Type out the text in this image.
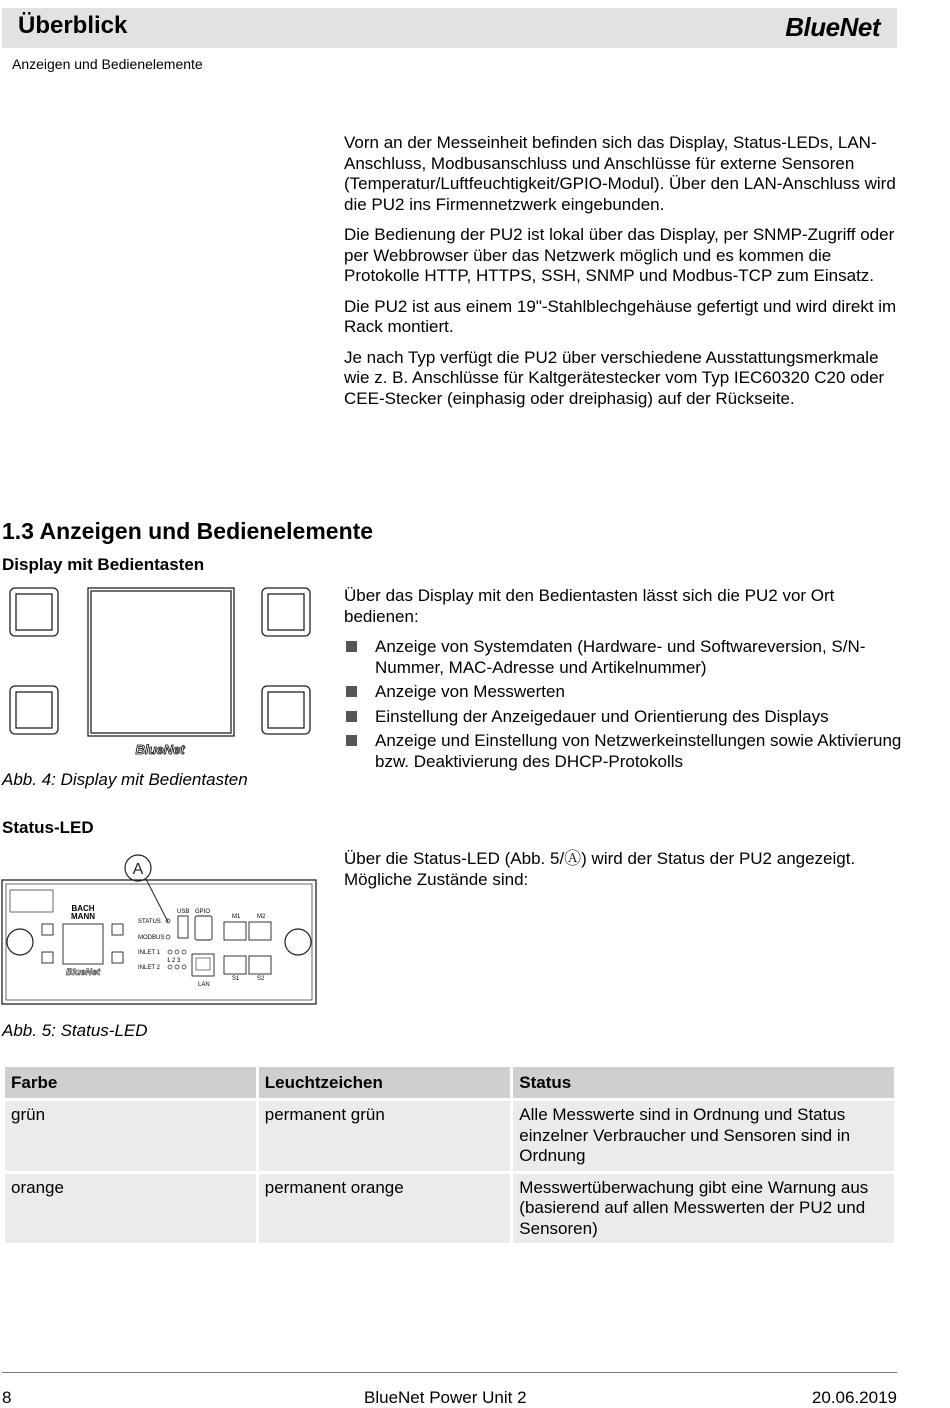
Überblick	BlueNet
Anzeigen und Bedienelemente

Vorn an der Messeinheit befinden sich das Display, Status-LEDs, LAN-Anschluss, Modbusanschluss und Anschlüsse für externe Sensoren (Temperatur/Luftfeuchtigkeit/GPIO-Modul). Über den LAN-Anschluss wird die PU2 ins Firmennetzwerk eingebunden.

Die Bedienung der PU2 ist lokal über das Display, per SNMP-Zugriff oder per Webbrowser über das Netzwerk möglich und es kommen die Protokolle HTTP, HTTPS, SSH, SNMP und Modbus-TCP zum Einsatz.

Die PU2 ist aus einem 19"-Stahlblechgehäuse gefertigt und wird direkt im Rack montiert.

Je nach Typ verfügt die PU2 über verschiedene Ausstattungsmerkmale wie z. B. Anschlüsse für Kaltgerätestecker vom Typ IEC60320 C20 oder CEE-Stecker (einphasig oder dreiphasig) auf der Rückseite.

1.3 Anzeigen und Bedienelemente
Display mit Bedientasten
BlueNet
Abb. 4: Display mit Bedientasten

Über das Display mit den Bedientasten lässt sich die PU2 vor Ort bedienen:

Anzeige von Systemdaten (Hardware- und Softwareversion, S/N-Nummer, MAC-Adresse und Artikelnummer)
Anzeige von Messwerten
Einstellung der Anzeigedauer und Orientierung des Displays
Anzeige und Einstellung von Netzwerkeinstellungen sowie Aktivierung bzw. Deaktivierung des DHCP-Protokolls
Status-LED
A
BACH
MANN
BlueNet
STATUS
MODBUS
INLET 1
1 2 3
INLET 2
USB GPIO
LAN
M1	M2
S1	S2

Über die Status-LED (Abb. 5/Ⓐ) wird der Status der PU2 angezeigt. Mögliche Zustände sind:

Abb. 5: Status-LED
Farbe	Leuchtzeichen	Status
grün	permanent grün	Alle Messwerte sind in Ordnung und Status einzelner Verbraucher und Sensoren sind in Ordnung
orange	permanent orange	Messwertüberwachung gibt eine Warnung aus (basierend auf allen Messwerten der PU2 und Sensoren)
8	BlueNet Power Unit 2	20.06.2019
